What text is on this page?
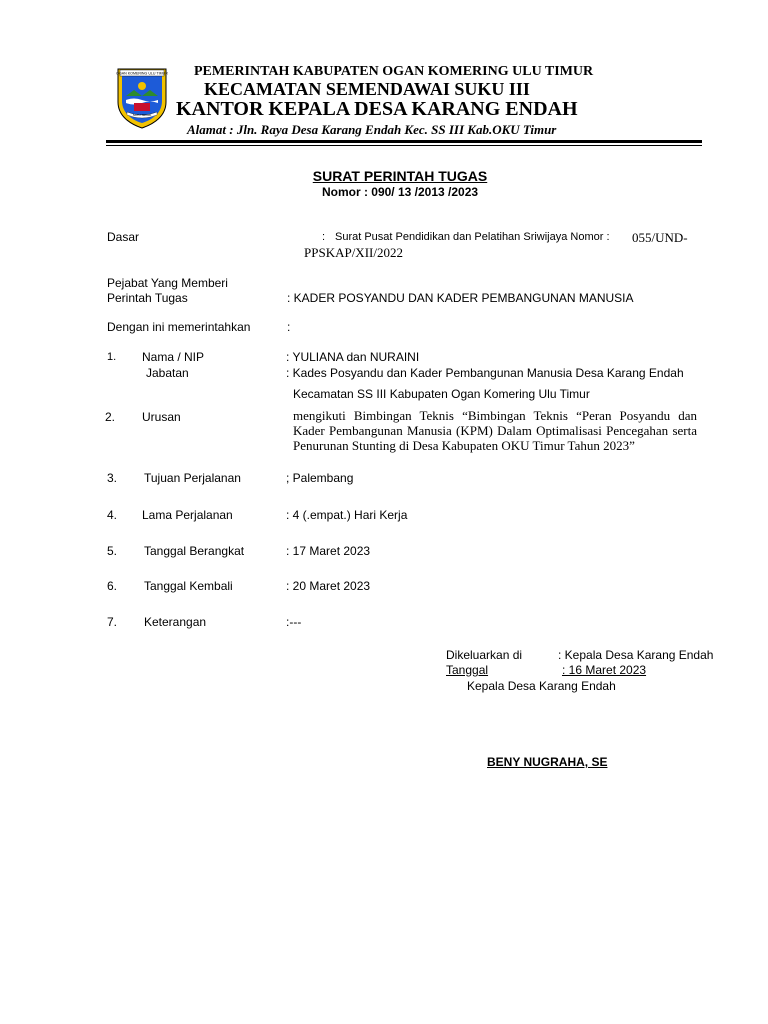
OGAN KOMERING ULU TIMUR
SATU TEKAD
PEMERINTAH KABUPATEN OGAN KOMERING ULU TIMUR
KECAMATAN SEMENDAWAI SUKU III
KANTOR KEPALA DESA KARANG ENDAH
Alamat : Jln. Raya Desa Karang Endah Kec. SS III Kab.OKU Timur
SURAT PERINTAH TUGAS
Nomor : 090/ 13 /2013 /2023
Dasar	: Surat Pusat Pendidikan dan Pelatihan Sriwijaya Nomor : 055/UND-
PPSKAP/XII/2022
Pejabat Yang Memberi
Perintah Tugas	: KADER POSYANDU DAN KADER PEMBANGUNAN MANUSIA
Dengan ini memerintahkan	:
1. Nama / NIP	: YULIANA dan NURAINI
Jabatan	: Kades Posyandu dan Kader Pembangunan Manusia Desa Karang Endah
Kecamatan SS III Kabupaten Ogan Komering Ulu Timur
2. Urusan	mengikuti Bimbingan Teknis “Bimbingan Teknis “Peran Posyandu dan Kader Pembangunan Manusia (KPM) Dalam Optimalisasi Pencegahan serta Penurunan Stunting di Desa Kabupaten OKU Timur Tahun 2023”
3. Tujuan Perjalanan	; Palembang
4. Lama Perjalanan	: 4 (.empat.) Hari Kerja
5. Tanggal Berangkat	: 17 Maret 2023
6. Tanggal Kembali	: 20 Maret 2023
7. Keterangan	:---
Dikeluarkan di	: Kepala Desa Karang Endah
Tanggal	: 16 Maret 2023
Kepala Desa Karang Endah
BENY NUGRAHA, SE
